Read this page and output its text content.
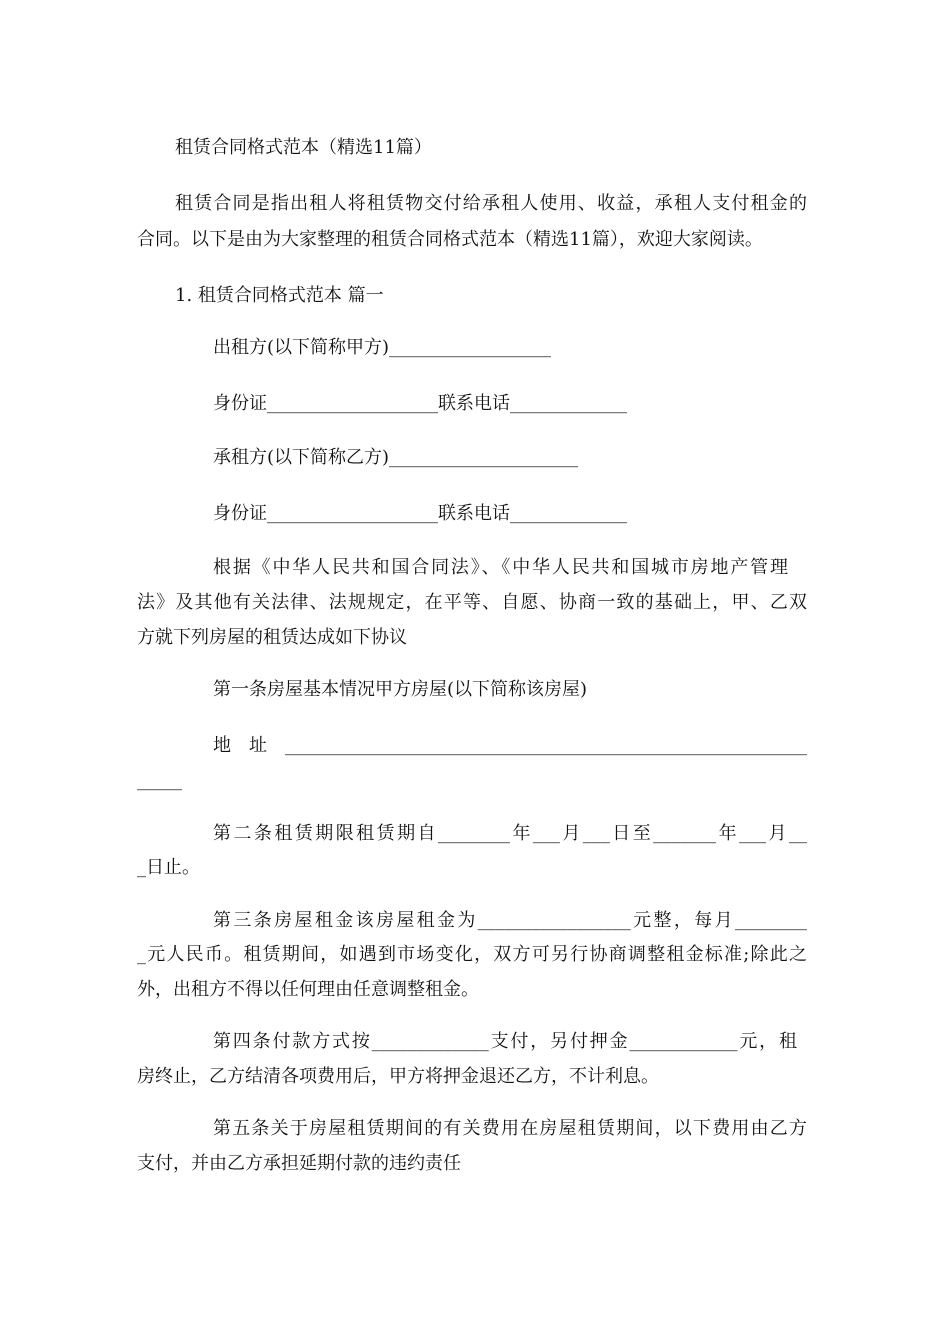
租赁合同格式范本（精选11篇）
租赁合同是指出租人将租赁物交付给承租人使用、收益，承租人支付租金的
合同。以下是由为大家整理的租赁合同格式范本（精选11篇），欢迎大家阅读。
1. 租赁合同格式范本 篇一
出租方(以下简称甲方)__________________
身份证___________________联系电话_____________
承租方(以下简称乙方)_____________________
身份证___________________联系电话_____________
根据《中华人民共和国合同法》、《中华人民共和国城市房地产管理
法》及其他有关法律、法规规定，在平等、自愿、协商一致的基础上，甲、乙双
方就下列房屋的租赁达成如下协议
第一条房屋基本情况甲方房屋(以下简称该房屋)
地址__________________________________________________________
_____
第二条租赁期限租赁期自________年___月___日至_______年___月__
_日止。
第三条房屋租金该房屋租金为_________________元整，每月________
_元人民币。租赁期间，如遇到市场变化，双方可另行协商调整租金标准;除此之
外，出租方不得以任何理由任意调整租金。
第四条付款方式按_____________支付，另付押金____________元，租
房终止，乙方结清各项费用后，甲方将押金退还乙方，不计利息。
第五条关于房屋租赁期间的有关费用在房屋租赁期间，以下费用由乙方
支付，并由乙方承担延期付款的违约责任
